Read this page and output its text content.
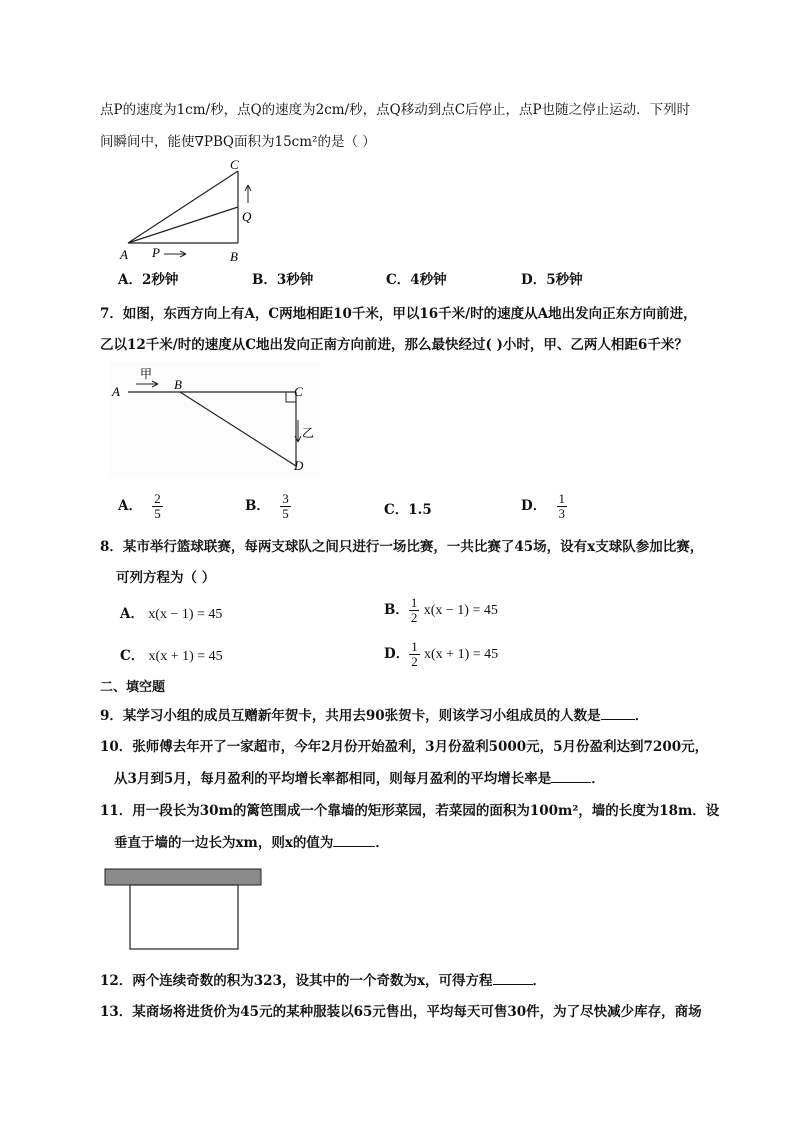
点P的速度为1cm/秒，点Q的速度为2cm/秒，点Q移动到点C后停止，点P也随之停止运动．下列时
间瞬间中，能使∇PBQ面积为15cm²的是（ ）
C
Q
A P	B
A．2秒钟	B．3秒钟	C．4秒钟	D．5秒钟
7．如图，东西方向上有A，C两地相距10千米，甲以16千米/时的速度从A地出发向正东方向前进，
乙以12千米/时的速度从C地出发向正南方向前进，那么最快经过( )小时，甲、乙两人相距6千米？
A
甲
B	C
乙
D
A． $\frac{2}{5}$	B． $\frac{3}{5}$	C．1.5	D． $\frac{1}{3}$
8．某市举行篮球联赛，每两支球队之间只进行一场比赛，一共比赛了45场，设有x支球队参加比赛，
可列方程为（ ）
A． x(x − 1) = 45	B． $\frac{1}{2} x(x - 1) = 45$
C． x(x + 1) = 45	D． $\frac{1}{2} x(x + 1) = 45$
二、填空题
9．某学习小组的成员互赠新年贺卡，共用去90张贺卡，则该学习小组成员的人数是	．
10．张师傅去年开了一家超市，今年2月份开始盈利，3月份盈利5000元，5月份盈利达到7200元，
从3月到5月，每月盈利的平均增长率都相同，则每月盈利的平均增长率是	．
11．用一段长为30m的篱笆围成一个靠墙的矩形菜园，若菜园的面积为100m²，墙的长度为18m．设
垂直于墙的一边长为xm，则x的值为	．
12．两个连续奇数的积为323，设其中的一个奇数为x，可得方程	．
13．某商场将进货价为45元的某种服装以65元售出，平均每天可售30件，为了尽快减少库存，商场
